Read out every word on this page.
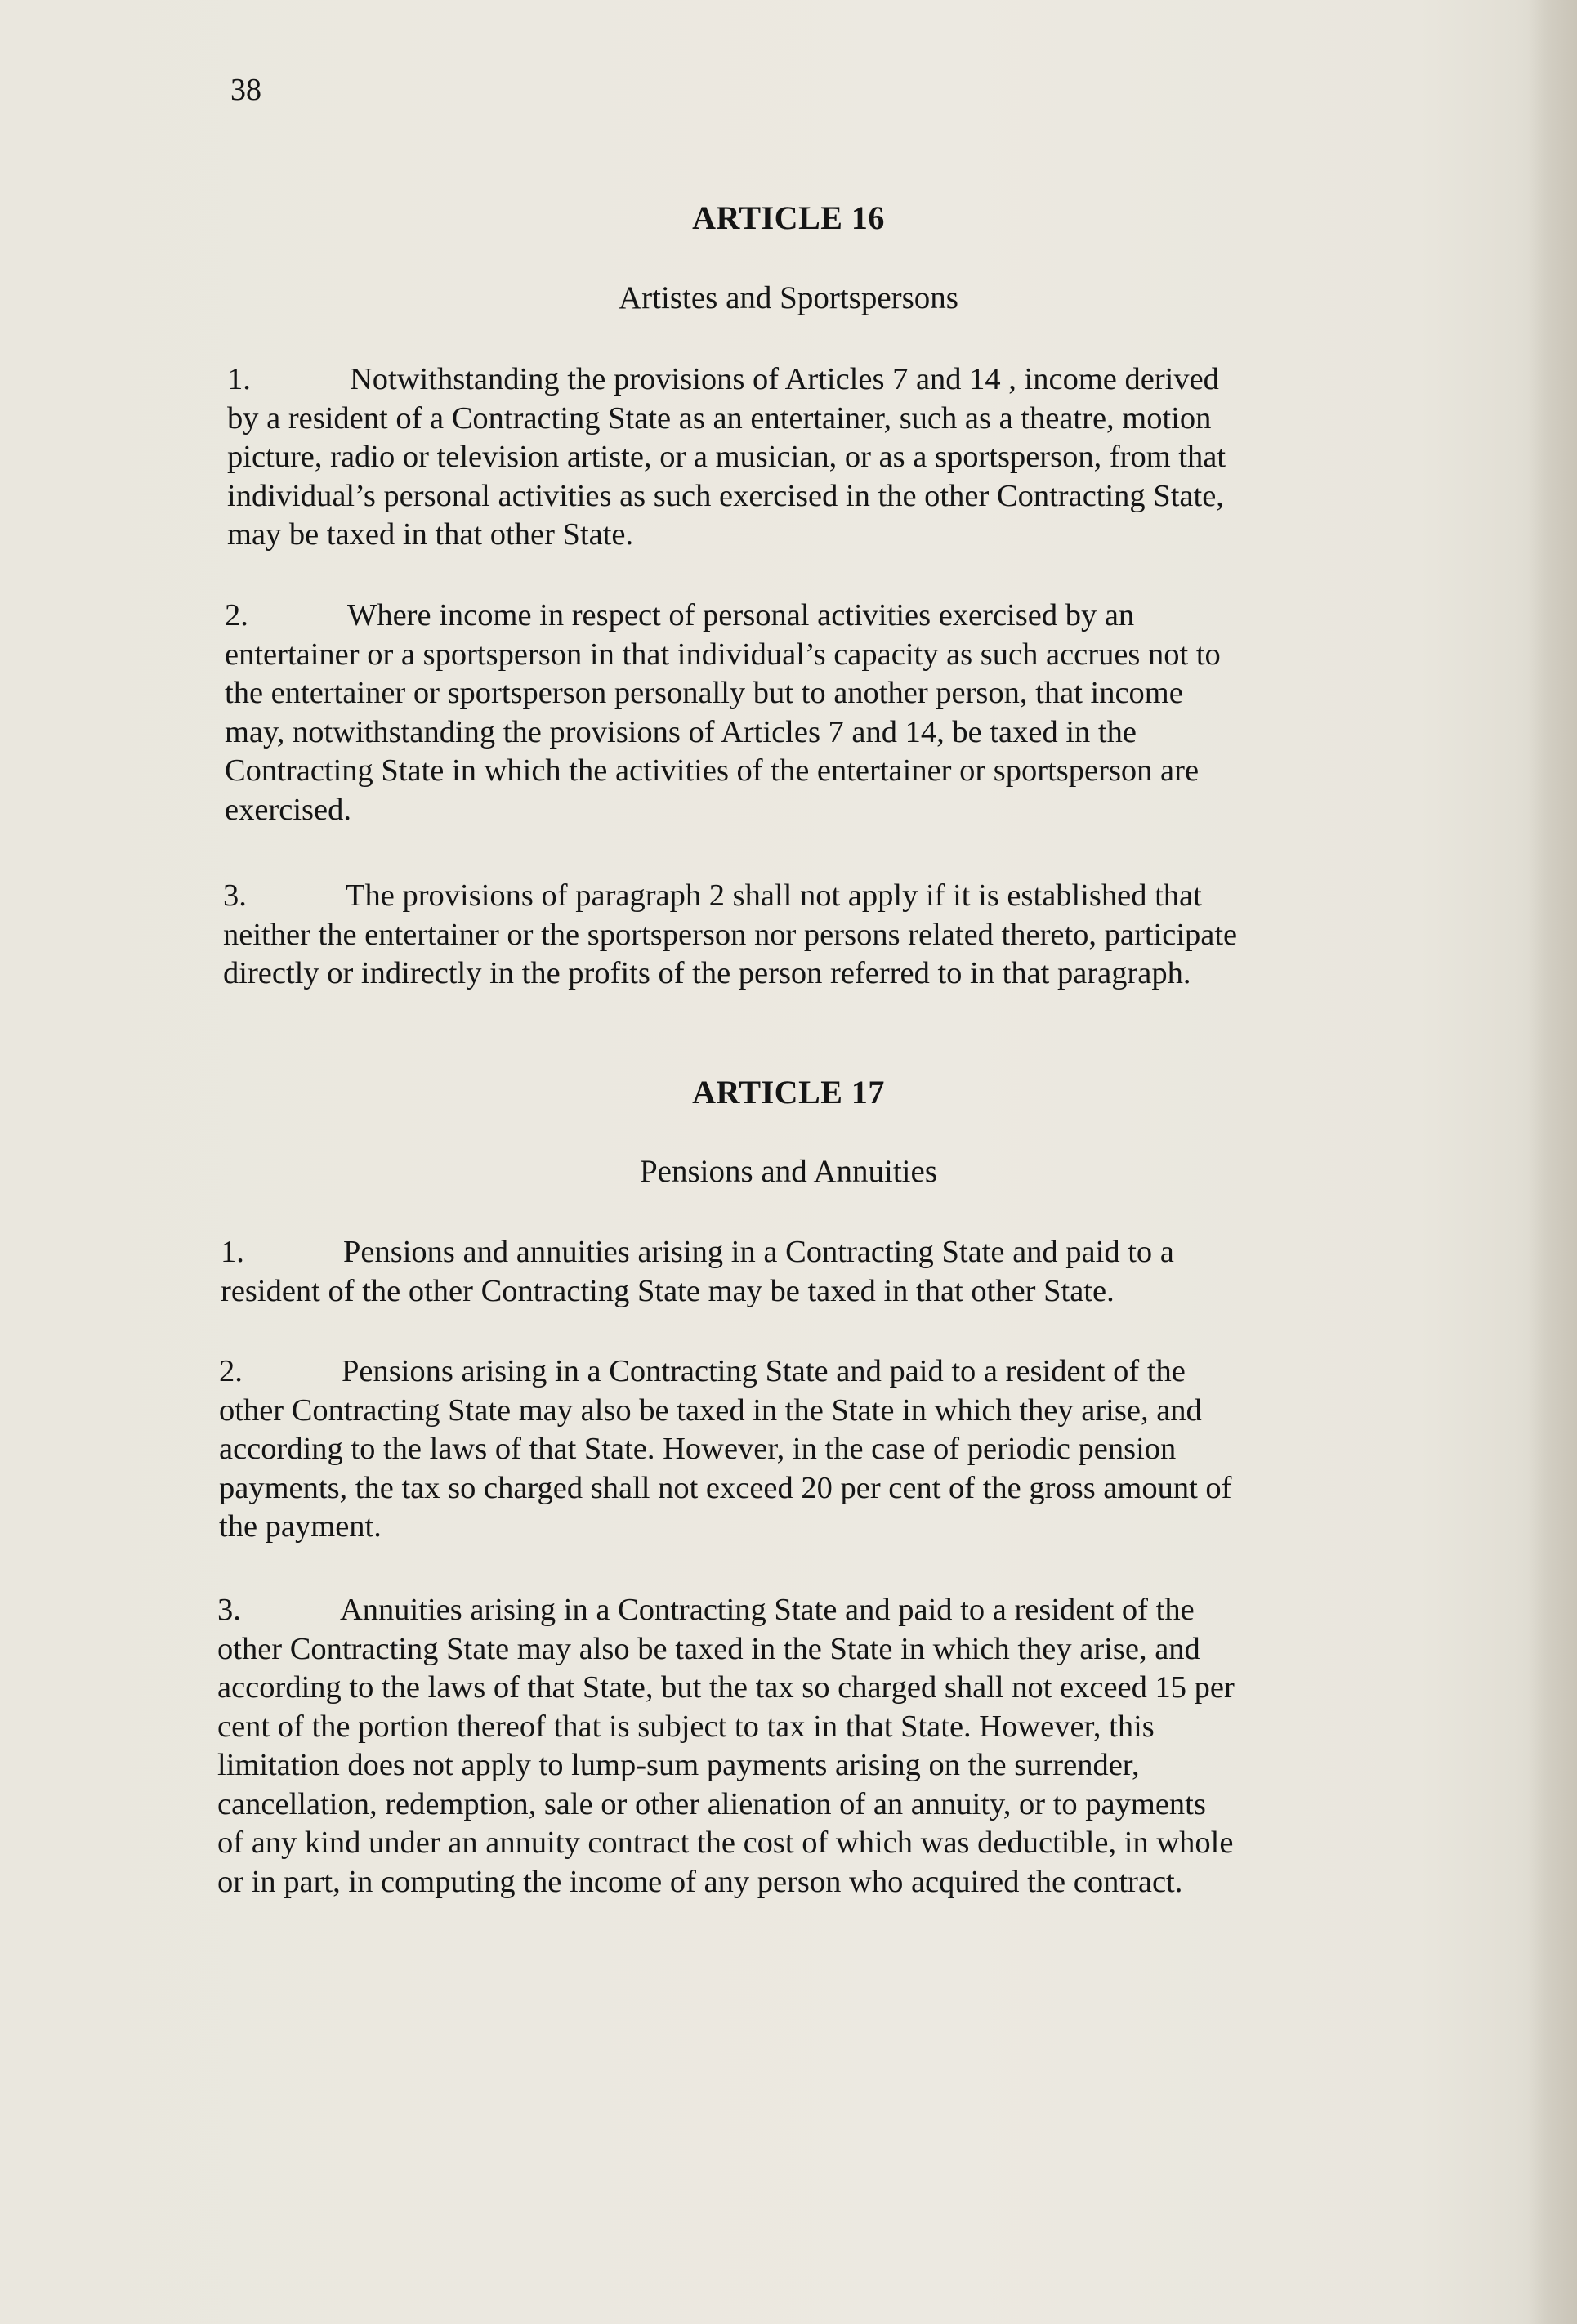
38
ARTICLE 16
Artistes and Sportspersons
1.	Notwithstanding the provisions of Articles 7 and 14 , income derived
by a resident of a Contracting State as an entertainer, such as a theatre, motion
picture, radio or television artiste, or a musician, or as a sportsperson, from that
individual’s personal activities as such exercised in the other Contracting State,
may be taxed in that other State.
2.	Where income in respect of personal activities exercised by an
entertainer or a sportsperson in that individual’s capacity as such accrues not to
the entertainer or sportsperson personally but to another person, that income
may, notwithstanding the provisions of Articles 7 and 14, be taxed in the
Contracting State in which the activities of the entertainer or sportsperson are
exercised.
3.	The provisions of paragraph 2 shall not apply if it is established that
neither the entertainer or the sportsperson nor persons related thereto, participate
directly or indirectly in the profits of the person referred to in that paragraph.
ARTICLE 17
Pensions and Annuities
1.	Pensions and annuities arising in a Contracting State and paid to a
resident of the other Contracting State may be taxed in that other State.
2.	Pensions arising in a Contracting State and paid to a resident of the
other Contracting State may also be taxed in the State in which they arise, and
according to the laws of that State. However, in the case of periodic pension
payments, the tax so charged shall not exceed 20 per cent of the gross amount of
the payment.
3.	Annuities arising in a Contracting State and paid to a resident of the
other Contracting State may also be taxed in the State in which they arise, and
according to the laws of that State, but the tax so charged shall not exceed 15 per
cent of the portion thereof that is subject to tax in that State. However, this
limitation does not apply to lump-sum payments arising on the surrender,
cancellation, redemption, sale or other alienation of an annuity, or to payments
of any kind under an annuity contract the cost of which was deductible, in whole
or in part, in computing the income of any person who acquired the contract.
